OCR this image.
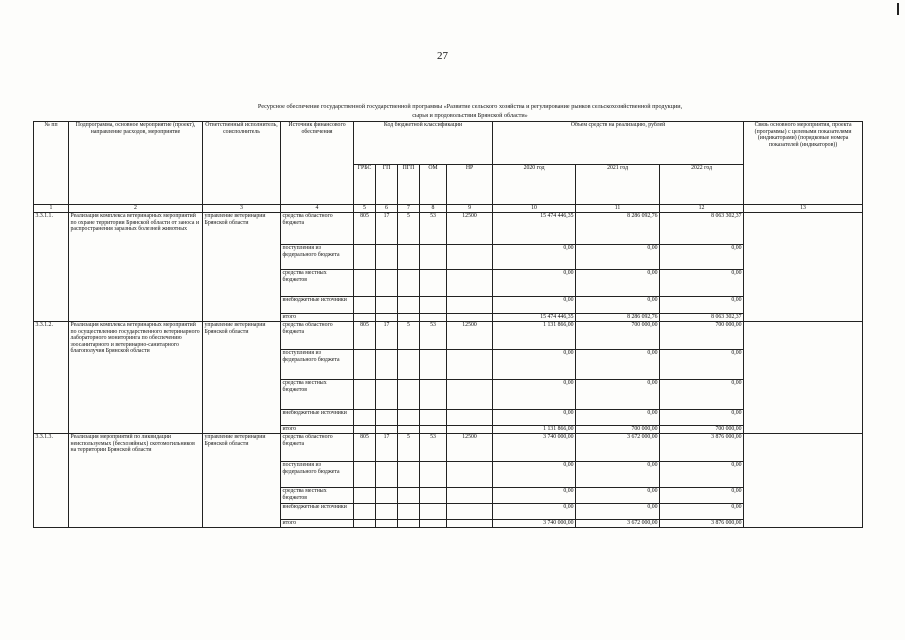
27
Ресурсное обеспечение государственной государственной программы «Развитие сельского хозяйства и регулирование рынков сельскохозяйственной продукции,
сырья и продовольствия Брянской области»
№ пп	Подпрограмма, основное мероприятие (проект), направление расходов, мероприятие	Ответственный исполнитель, соисполнитель	Источник финансового обеспечения	Код бюджетной классификации					Объем средств на реализацию, рублей			Связь основного мероприятия, проекта (программы) с целевыми показателями (индикаторами) (порядковые номера показателей (индикаторов))
				ГРБС	ГП	ПГП	ОМ	НР	2020 год	2021 год	2022 год	
1	2	3	4	5	6	7	8	9	10	11	12	13
3.3.1.1.	Реализация комплекса ветеринарных мероприятий по охране территории Брянской области от заноса и распространения заразных болезней животных	управление ветеринарии Брянской области	средства областного бюджета	805	17	5	53	12500	15 474 446,35	8 286 092,76	8 063 302,37	
			поступления из федерального бюджета						0,00	0,00	0,00	
			средства местных бюджетов						0,00	0,00	0,00	
			внебюджетные источники						0,00	0,00	0,00	
			итого						15 474 446,35	8 286 092,76	8 063 302,37	
3.3.1.2.	Реализация комплекса ветеринарных мероприятий по осуществлению государственного ветеринарного лабораторного мониторинга по обеспечению зоосанитарного и ветеринарно-санитарного благополучия Брянской области	управление ветеринарии Брянской области	средства областного бюджета	805	17	5	53	12500	1 131 866,00	700 000,00	700 000,00	
			поступления из федерального бюджета						0,00	0,00	0,00	
			средства местных бюджетов						0,00	0,00	0,00	
			внебюджетные источники						0,00	0,00	0,00	
			итого						1 131 866,00	700 000,00	700 000,00	
3.3.1.3.	Реализация мероприятий по ликвидации неиспользуемых (бесхозяйных) скотомогильников на территории Брянской области	управление ветеринарии Брянской области	средства областного бюджета	805	17	5	53	12500	3 740 000,00	3 672 000,00	3 876 000,00	
			поступления из федерального бюджета						0,00	0,00	0,00	
			средства местных бюджетов						0,00	0,00	0,00	
			внебюджетные источники						0,00	0,00	0,00	
			итого						3 740 000,00	3 672 000,00	3 876 000,00	
